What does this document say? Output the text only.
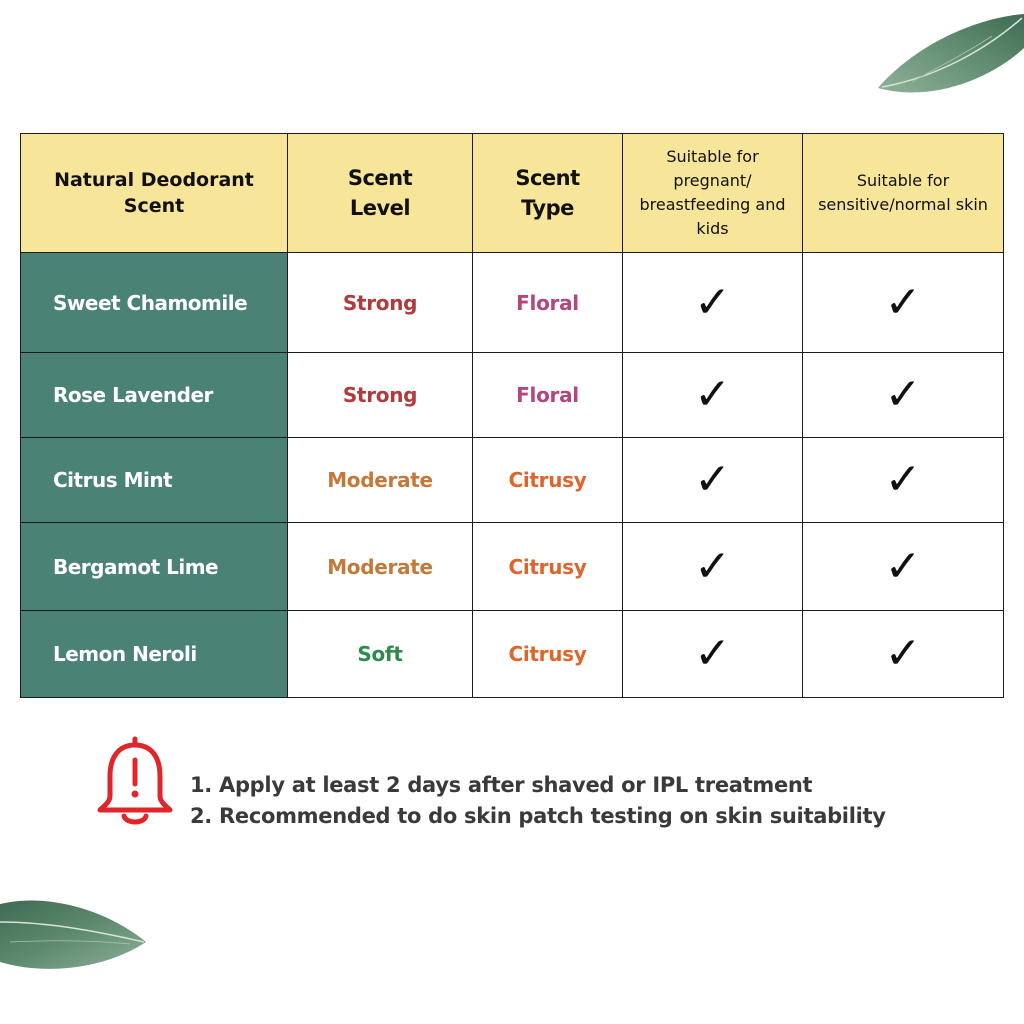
Natural Deodorant Scent	Scent Level	Scent Type	Suitable for pregnant/ breastfeeding and kids	Suitable for sensitive/normal skin

Sweet Chamomile	Strong	Floral	✓	✓
Rose Lavender	Strong	Floral	✓	✓
Citrus Mint	Moderate	Citrusy	✓	✓
Bergamot Lime	Moderate	Citrusy	✓	✓
Lemon Neroli	Soft	Citrusy	✓	✓
1. Apply at least 2 days after shaved or IPL treatment
2. Recommended to do skin patch testing on skin suitability
